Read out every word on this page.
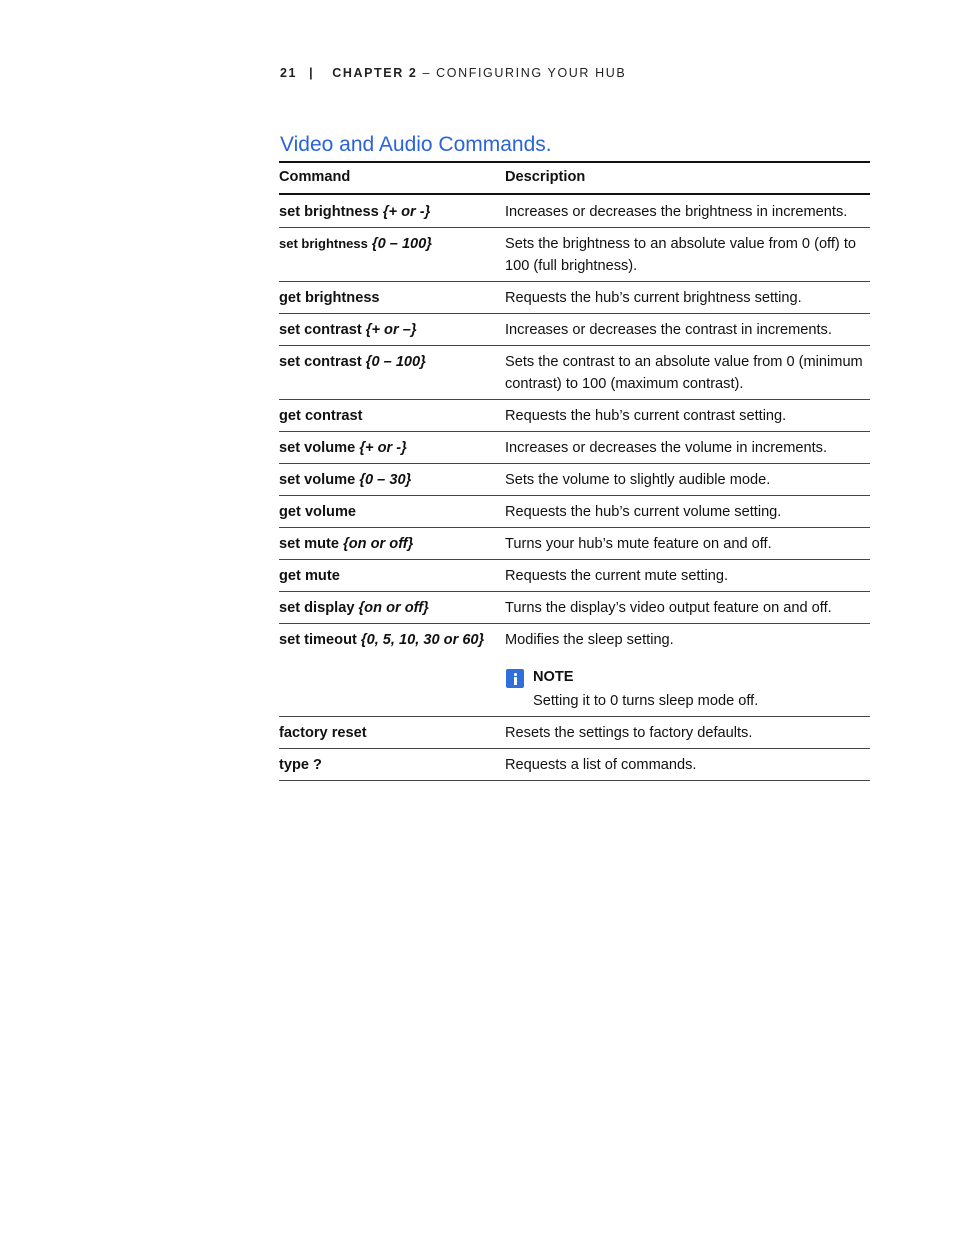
21 | CHAPTER 2 – CONFIGURING YOUR HUB
Video and Audio Commands.
Command	Description
set brightness {+ or -}	Increases or decreases the brightness in increments.
set brightness {0 – 100}	Sets the brightness to an absolute value from 0 (off) to 100 (full brightness).
get brightness	Requests the hub’s current brightness setting.
set contrast {+ or –}	Increases or decreases the contrast in increments.
set contrast {0 – 100}	Sets the contrast to an absolute value from 0 (minimum contrast) to 100 (maximum contrast).
get contrast	Requests the hub’s current contrast setting.
set volume {+ or -}	Increases or decreases the volume in increments.
set volume {0 – 30}	Sets the volume to slightly audible mode.
get volume	Requests the hub’s current volume setting.
set mute {on or off}	Turns your hub’s mute feature on and off.
get mute	Requests the current mute setting.
set display {on or off}	Turns the display’s video output feature on and off.
set timeout {0, 5, 10, 30 or 60}	Modifies the sleep setting.
NOTE
Setting it to 0 turns sleep mode off.

factory reset	Resets the settings to factory defaults.
type ?	Requests a list of commands.
